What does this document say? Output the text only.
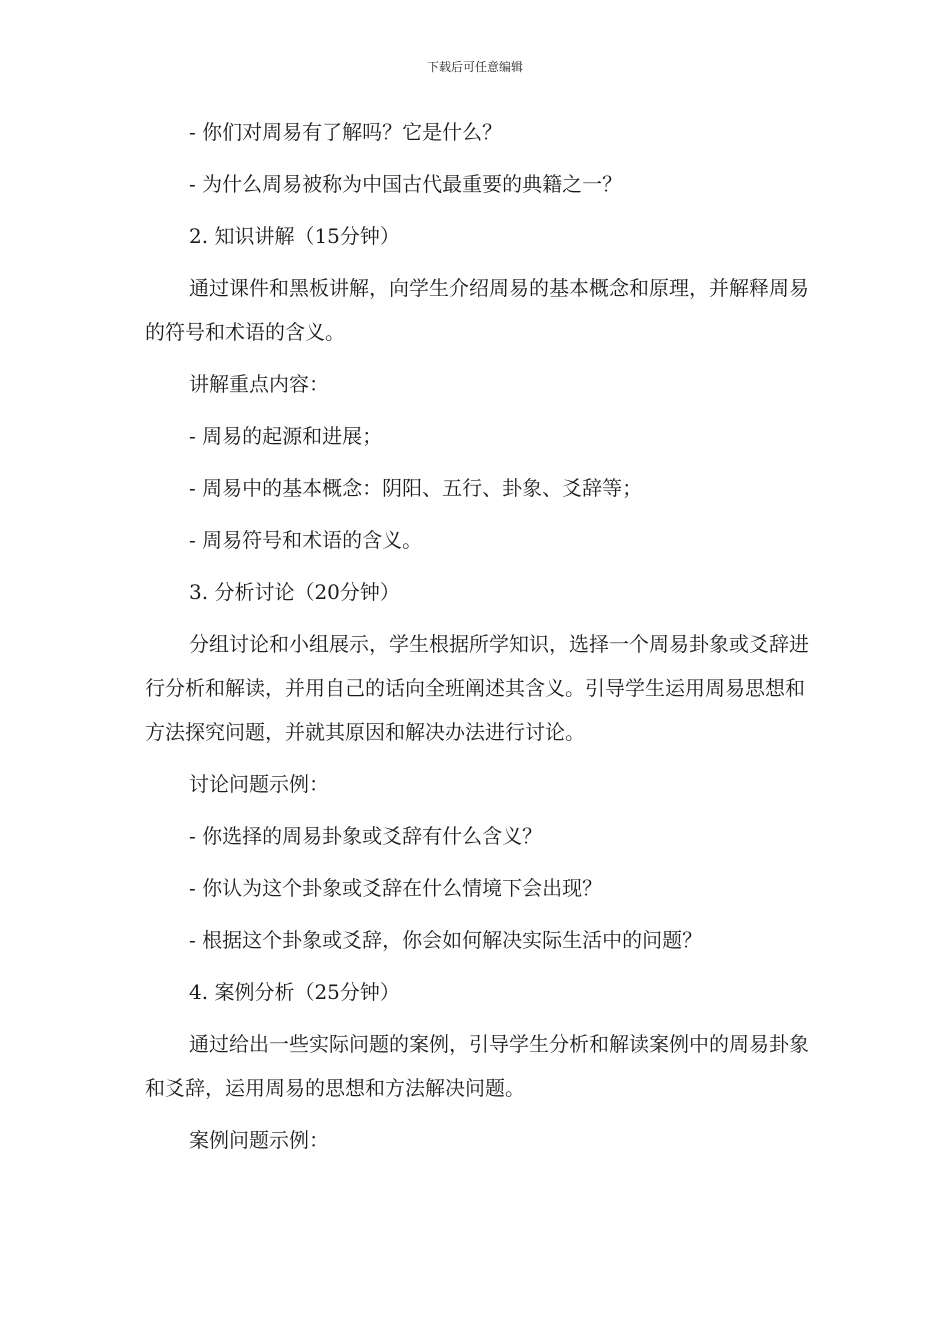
下载后可任意编辑
- 你们对周易有了解吗？它是什么？
- 为什么周易被称为中国古代最重要的典籍之一？
2. 知识讲解（15分钟）
通过课件和黑板讲解，向学生介绍周易的基本概念和原理，并解释周易的符号和术语的含义。
讲解重点内容：
- 周易的起源和进展；
- 周易中的基本概念：阴阳、五行、卦象、爻辞等；
- 周易符号和术语的含义。
3. 分析讨论（20分钟）
分组讨论和小组展示，学生根据所学知识，选择一个周易卦象或爻辞进行分析和解读，并用自己的话向全班阐述其含义。引导学生运用周易思想和方法探究问题，并就其原因和解决办法进行讨论。
讨论问题示例：
- 你选择的周易卦象或爻辞有什么含义？
- 你认为这个卦象或爻辞在什么情境下会出现？
- 根据这个卦象或爻辞，你会如何解决实际生活中的问题？
4. 案例分析（25分钟）
通过给出一些实际问题的案例，引导学生分析和解读案例中的周易卦象和爻辞，运用周易的思想和方法解决问题。
案例问题示例：
